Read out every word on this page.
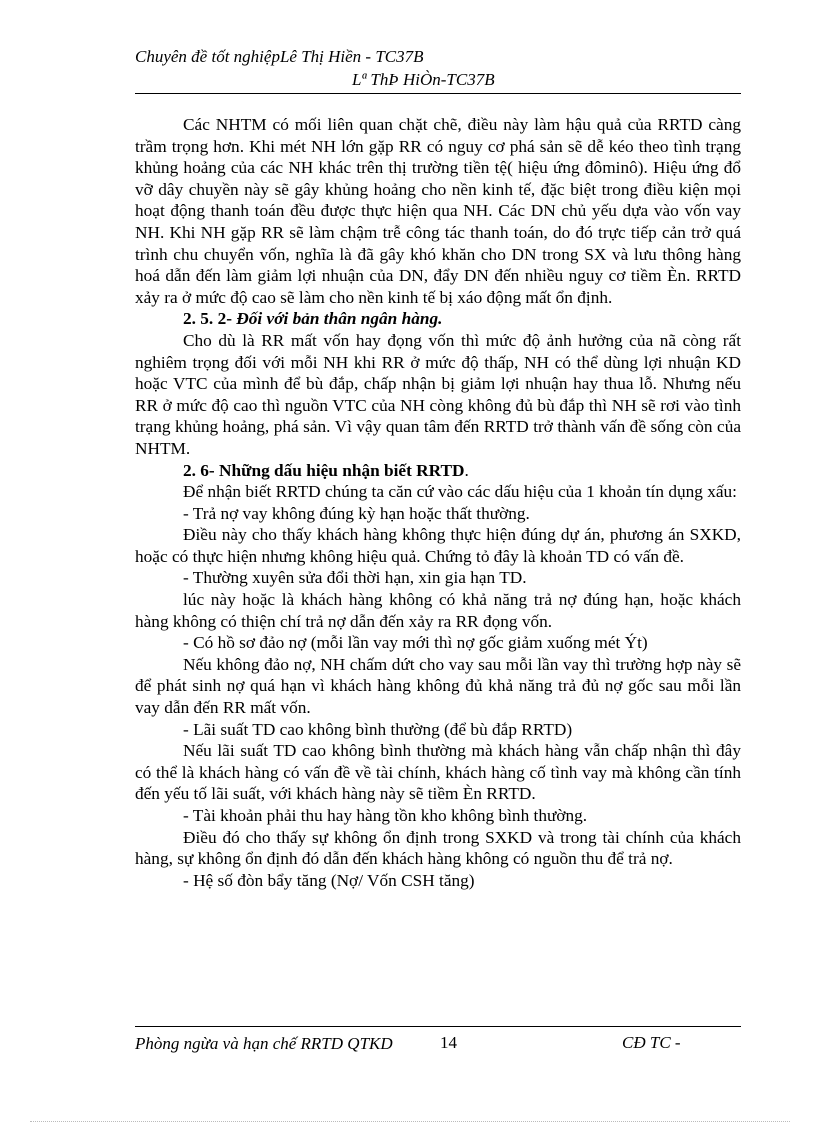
Chuyên đề tốt nghiệpLê Thị Hiền - TC37B
Lª ThÞ HiÒn-TC37B

Các NHTM có mối liên quan chặt chẽ, điều này làm hậu quả của RRTD càng trầm trọng hơn. Khi mét NH lớn gặp RR có nguy cơ phá sản sẽ dễ kéo theo tình trạng khủng hoảng của các NH khác trên thị trường tiền tệ( hiệu ứng đôminô). Hiệu ứng đổ vỡ dây chuyền này sẽ gây khủng hoảng cho nền kinh tế, đặc biệt trong điều kiện mọi hoạt động thanh toán đều được thực hiện qua NH. Các DN chủ yếu dựa vào vốn vay NH. Khi NH gặp RR sẽ làm chậm trễ công tác thanh toán, do đó trực tiếp cản trở quá trình chu chuyển vốn, nghĩa là đã gây khó khăn cho DN trong SX và lưu thông hàng hoá dẫn đến làm giảm lợi nhuận của DN, đẩy DN đến nhiều nguy cơ tiềm Èn. RRTD xảy ra ở mức độ cao sẽ làm cho nền kinh tế bị xáo động mất ổn định.

2. 5. 2- Đối với bản thân ngân hàng.

Cho dù là RR mất vốn hay đọng vốn thì mức độ ảnh hưởng của nã còng rất nghiêm trọng đối với mỗi NH khi RR ở mức độ thấp, NH có thể dùng lợi nhuận KD hoặc VTC của mình để bù đắp, chấp nhận bị giảm lợi nhuận hay thua lỗ. Nhưng nếu RR ở mức độ cao thì nguồn VTC của NH còng không đủ bù đắp thì NH sẽ rơi vào tình trạng khủng hoảng, phá sản. Vì vậy quan tâm đến RRTD trở thành vấn đề sống còn của NHTM.

2. 6- Những dấu hiệu nhận biết RRTD.

Để nhận biết RRTD chúng ta căn cứ vào các dấu hiệu của 1 khoản tín dụng xấu:

- Trả nợ vay không đúng kỳ hạn hoặc thất thường.

Điều này cho thấy khách hàng không thực hiện đúng dự án, phương án SXKD, hoặc có thực hiện nhưng không hiệu quả. Chứng tỏ đây là khoản TD có vấn đề.

- Thường xuyên sửa đổi thời hạn, xin gia hạn TD.

lúc này hoặc là khách hàng không có khả năng trả nợ đúng hạn, hoặc khách hàng không có thiện chí trả nợ dẫn đến xảy ra RR đọng vốn.

- Có hồ sơ đảo nợ (mỗi lần vay mới thì nợ gốc giảm xuống mét Ýt)

Nếu không đảo nợ, NH chấm dứt cho vay sau mỗi lần vay thì trường hợp này sẽ để phát sinh nợ quá hạn vì khách hàng không đủ khả năng trả đủ nợ gốc sau mỗi lần vay dẫn đến RR mất vốn.

- Lãi suất TD cao không bình thường (để bù đắp RRTD)

Nếu lãi suất TD cao không bình thường mà khách hàng vẫn chấp nhận thì đây có thể là khách hàng có vấn đề về tài chính, khách hàng cố tình vay mà không cần tính đến yếu tố lãi suất, với khách hàng này sẽ tiềm Èn RRTD.

- Tài khoản phải thu hay hàng tồn kho không bình thường.

Điều đó cho thấy sự không ổn định trong SXKD và trong tài chính của khách hàng, sự không ổn định đó dẫn đến khách hàng không có nguồn thu để trả nợ.

- Hệ số đòn bẩy tăng (Nợ/ Vốn CSH tăng)

Phòng ngừa và hạn chế RRTD QTKD	14	CĐ TC -
